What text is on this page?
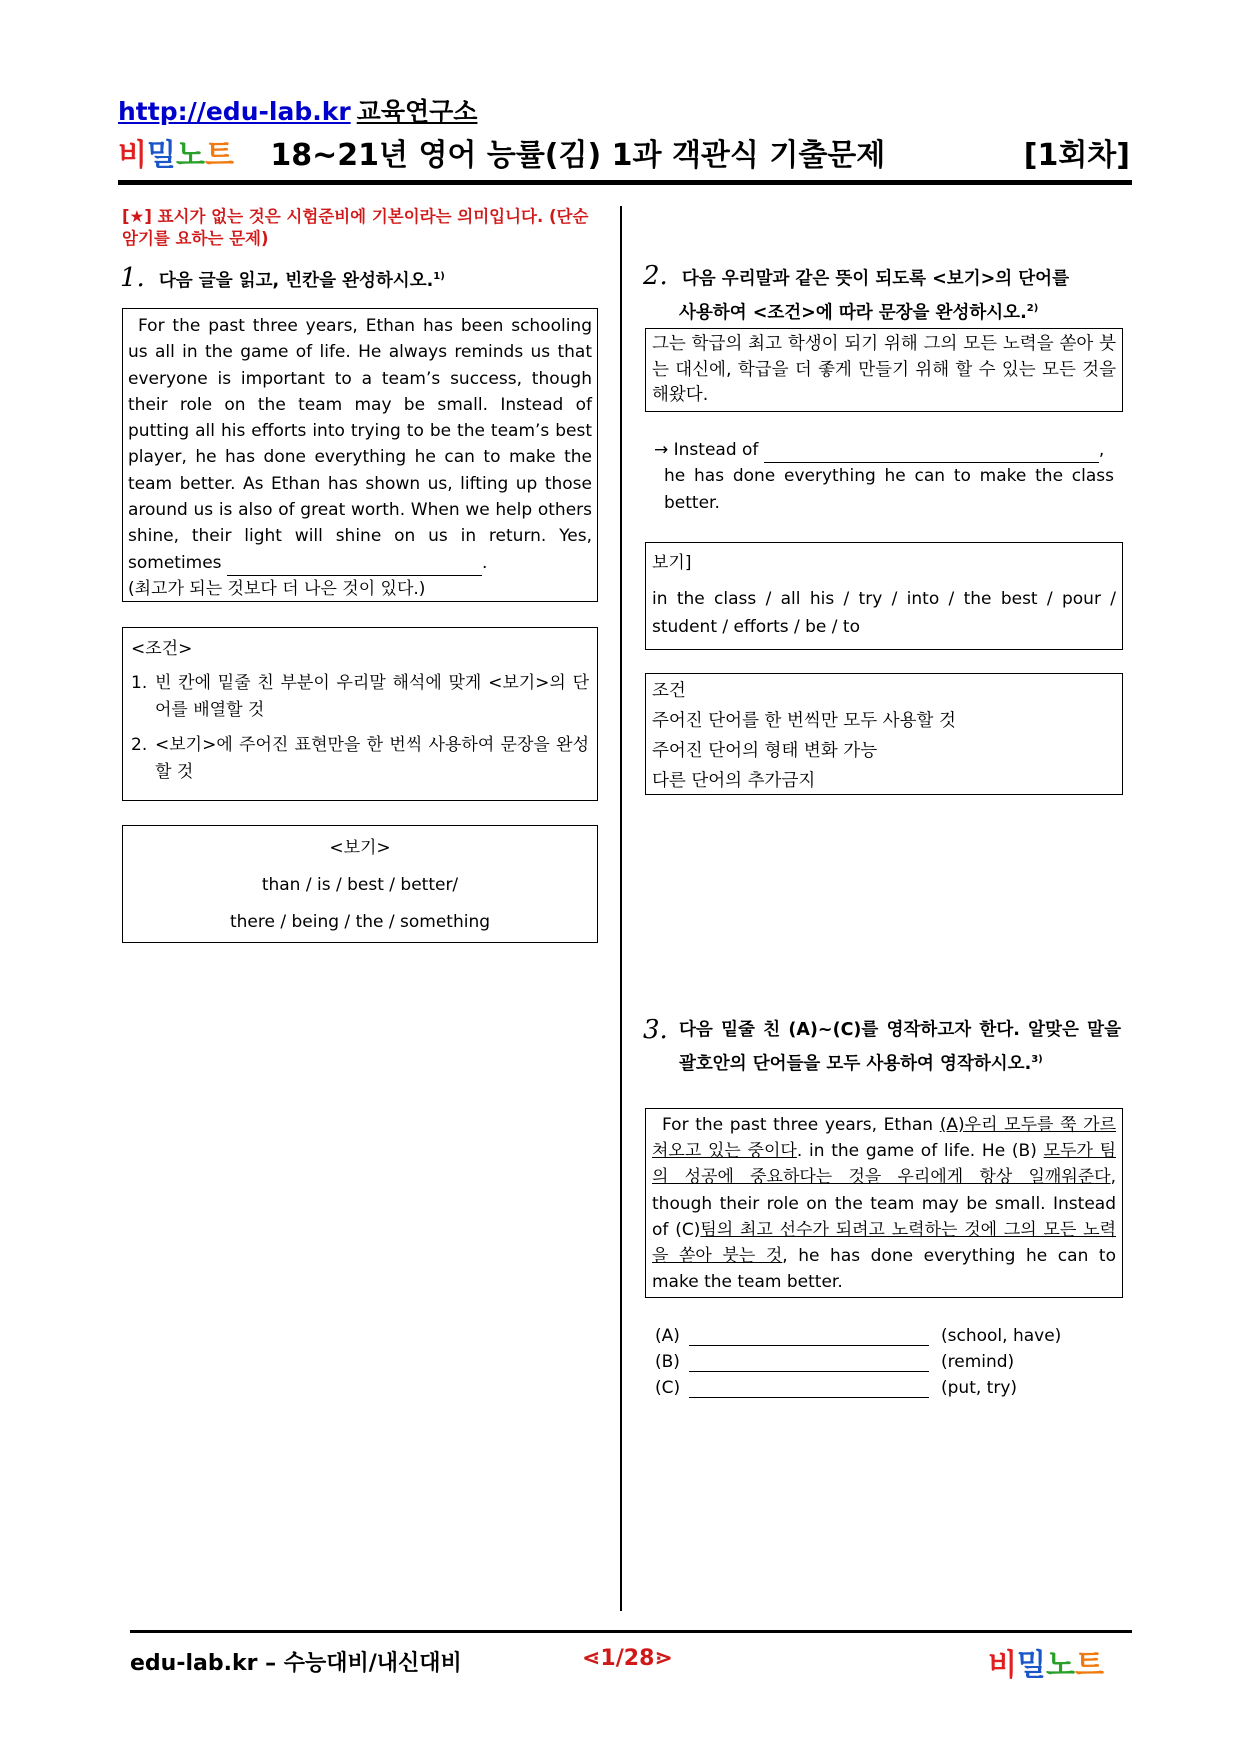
http://edu-lab.kr 교육연구소
비밀노트 18~21년 영어 능률(김) 1과 객관식 기출문제	[1회차]
[★] 표시가 없는 것은 시험준비에 기본이라는 의미입니다. (단순 암기를 요하는 문제)
1. 다음 글을 읽고, 빈칸을 완성하시오.$^{1)}$
For the past three years, Ethan has been schooling us all in the game of life. He always reminds us that everyone is important to a team’s success, though their role on the team may be small. Instead of putting all his efforts into trying to be the team’s best player, he has done everything he can to make the team better. As Ethan has shown us, lifting up those around us is also of great worth. When we help others shine, their light will shine on us in return. Yes, sometimes	.
(최고가 되는 것보다 더 나은 것이 있다.)
<조건>
1. 빈 칸에 밑줄 친 부분이 우리말 해석에 맞게 <보기>의 단어를 배열할 것
2. <보기>에 주어진 표현만을 한 번씩 사용하여 문장을 완성할 것
<보기>
than / is / best / better/
there / being / the / something
2. 다음 우리말과 같은 뜻이 되도록 <보기>의 단어를
사용하여 <조건>에 따라 문장을 완성하시오.$^{2)}$
그는 학급의 최고 학생이 되기 위해 그의 모든 노력을 쏟아 붓는 대신에, 학급을 더 좋게 만들기 위해 할 수 있는 모든 것을 해왔다.
→ Instead of	,
he has done everything he can to make the class better.
보기]
in the class / all his / try / into / the best / pour / student / efforts / be / to
조건
주어진 단어를 한 번씩만 모두 사용할 것
주어진 단어의 형태 변화 가능
다른 단어의 추가금지
3. 다음 밑줄 친 (A)~(C)를 영작하고자 한다. 알맞은 말을 괄호안의 단어들을 모두 사용하여 영작하시오.$^{3)}$
For the past three years, Ethan (A)우리 모두를 쭉 가르쳐오고 있는 중이다. in the game of life. He (B) 모두가 팀의 성공에 중요하다는 것을 우리에게 항상 일깨워준다, though their role on the team may be small. Instead of (C)팀의 최고 선수가 되려고 노력하는 것에 그의 모든 노력을 쏟아 붓는 것, he has done everything he can to make the team better.
(A)	(school, have)
(B)	(remind)
(C)	(put, try)
edu-lab.kr – 수능대비/내신대비	⋖1/28⋗	비밀노트
